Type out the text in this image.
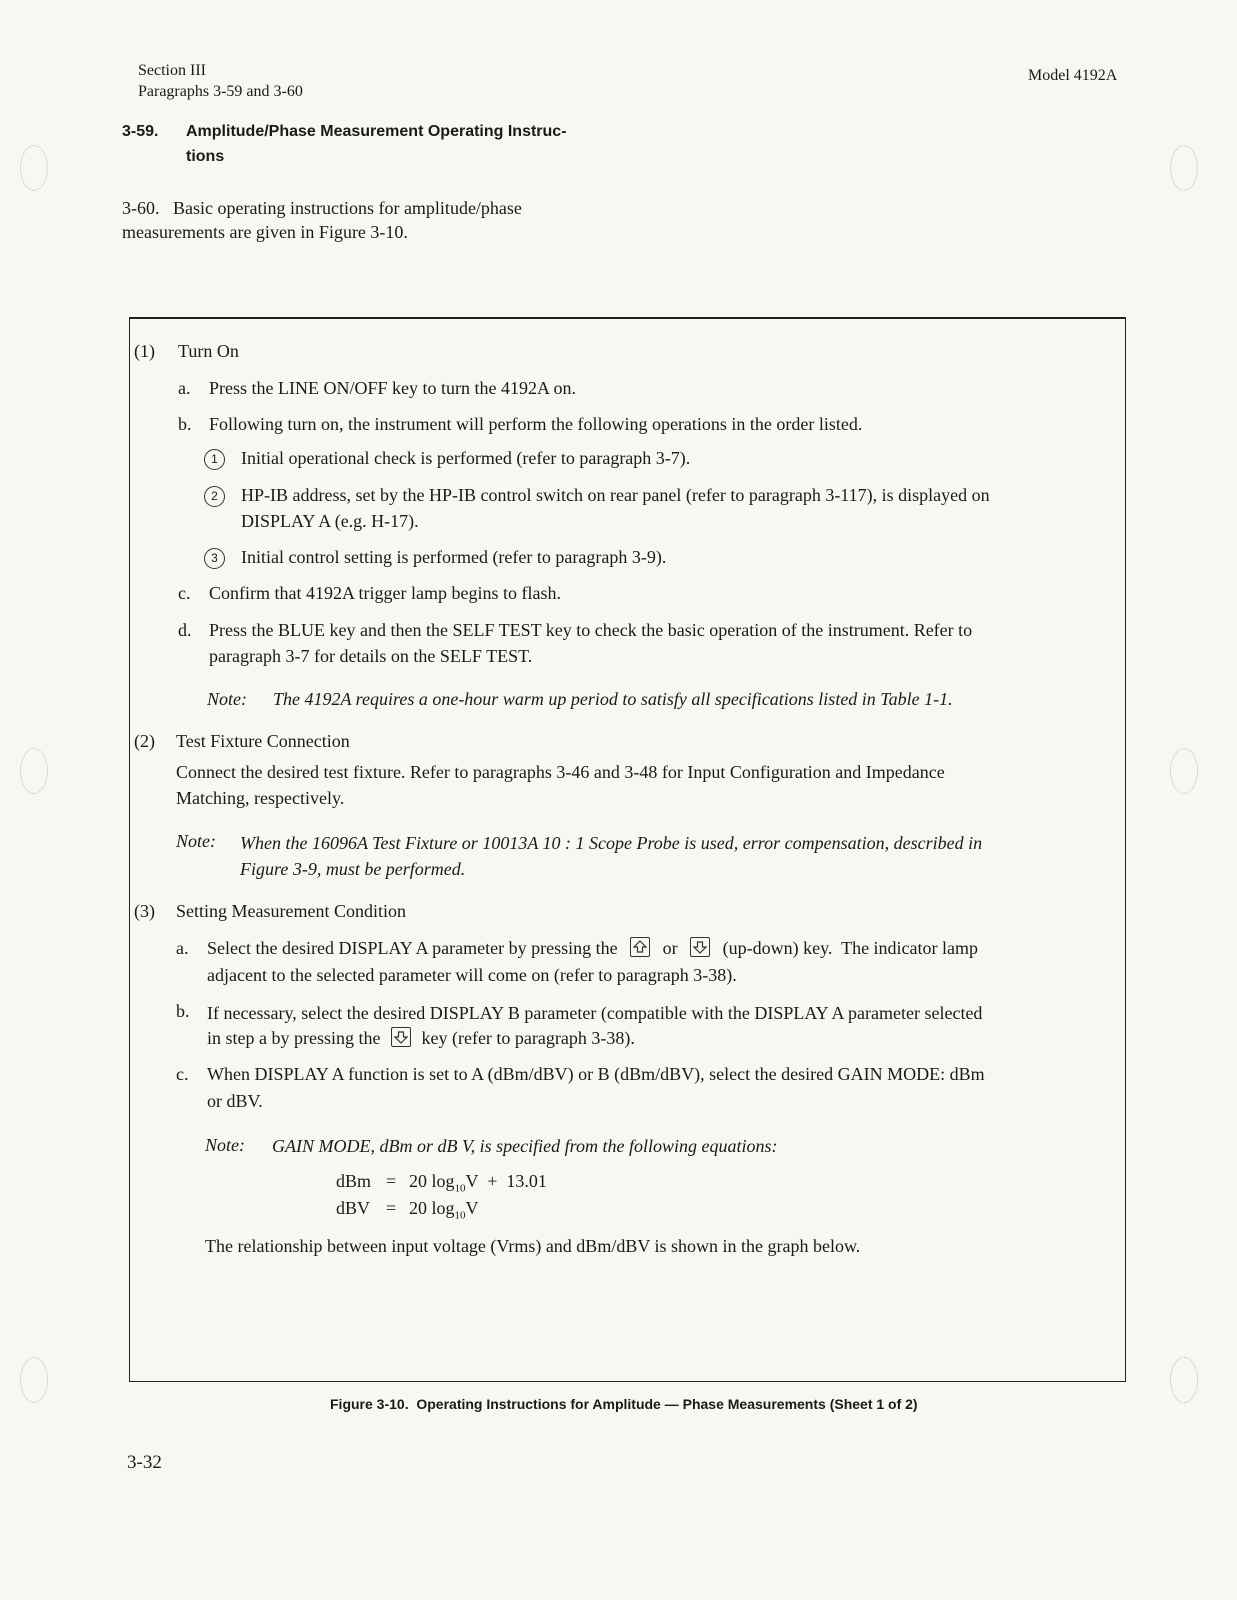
Section III
Paragraphs 3-59 and 3-60
Model 4192A
3-59. Amplitude/Phase Measurement Operating Instruc-
tions
3-60.   Basic operating instructions for amplitude/phase
measurements are given in Figure 3-10.
(1) Turn On
a. Press the LINE ON/OFF key to turn the 4192A on.
b. Following turn on, the instrument will perform the following operations in the order listed.
1	Initial operational check is performed (refer to paragraph 3-7).
2	HP-IB address, set by the HP-IB control switch on rear panel (refer to paragraph 3-117), is displayed on
DISPLAY A (e.g. H-17).
3	Initial control setting is performed (refer to paragraph 3-9).
c. Confirm that 4192A trigger lamp begins to flash.
d. Press the BLUE key and then the SELF TEST key to check the basic operation of the instrument. Refer to
paragraph 3-7 for details on the SELF TEST.
Note: The 4192A requires a one-hour warm up period to satisfy all specifications listed in Table 1-1.
(2) Test Fixture Connection
Connect the desired test fixture. Refer to paragraphs 3-46 and 3-48 for Input Configuration and Impedance
Matching, respectively.
Note: When the 16096A Test Fixture or 10013A 10 : 1 Scope Probe is used, error compensation, described in
Figure 3-9, must be performed.
(3) Setting Measurement Condition
a. Select the desired DISPLAY A parameter by pressing the	or	(up-down) key.  The indicator lamp
adjacent to the selected parameter will come on (refer to paragraph 3-38).
b. If necessary, select the desired DISPLAY B parameter (compatible with the DISPLAY A parameter selected
in step a by pressing the key (refer to paragraph 3-38).
c. When DISPLAY A function is set to A (dBm/dBV) or B (dBm/dBV), select the desired GAIN MODE: dBm
or dBV.
Note: GAIN MODE, dBm or dB V, is specified from the following equations:
dBm = 20 $\log_{10}V + 13.01$
dBV = 20 $\log_{10}V$
The relationship between input voltage (Vrms) and dBm/dBV is shown in the graph below.
Figure 3-10.  Operating Instructions for Amplitude — Phase Measurements (Sheet 1 of 2)
3-32
